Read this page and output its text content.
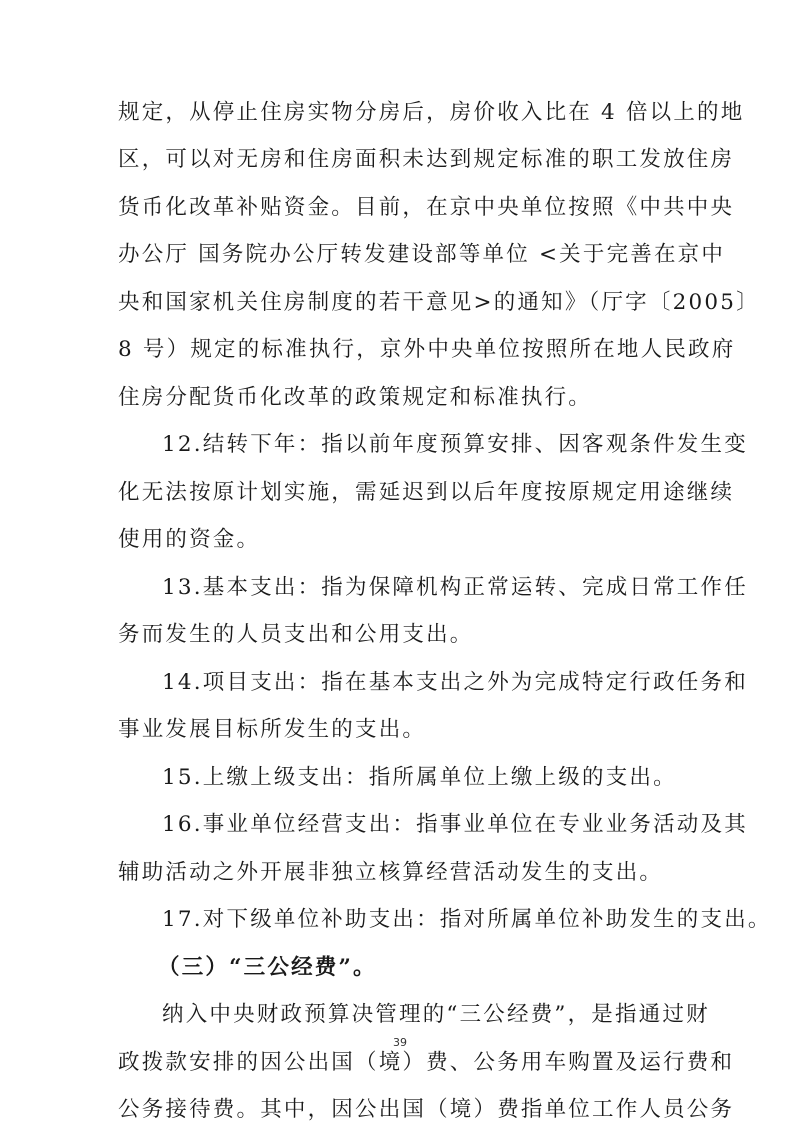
规定，从停止住房实物分房后，房价收入比在 4 倍以上的地
区，可以对无房和住房面积未达到规定标准的职工发放住房
货币化改革补贴资金。目前，在京中央单位按照《中共中央
办公厅 国务院办公厅转发建设部等单位 <关于完善在京中
央和国家机关住房制度的若干意见>的通知》（厅字〔2005〕
8 号）规定的标准执行，京外中央单位按照所在地人民政府
住房分配货币化改革的政策规定和标准执行。
12.结转下年：指以前年度预算安排、因客观条件发生变
化无法按原计划实施，需延迟到以后年度按原规定用途继续
使用的资金。
13.基本支出：指为保障机构正常运转、完成日常工作任
务而发生的人员支出和公用支出。
14.项目支出：指在基本支出之外为完成特定行政任务和
事业发展目标所发生的支出。
15.上缴上级支出：指所属单位上缴上级的支出。
16.事业单位经营支出：指事业单位在专业业务活动及其
辅助活动之外开展非独立核算经营活动发生的支出。
17.对下级单位补助支出：指对所属单位补助发生的支出。
（三）“三公经费”。
纳入中央财政预算决管理的“三公经费”，是指通过财
政拨款安排的因公出国（境）费、公务用车购置及运行费和
公务接待费。其中，因公出国（境）费指单位工作人员公务
39
